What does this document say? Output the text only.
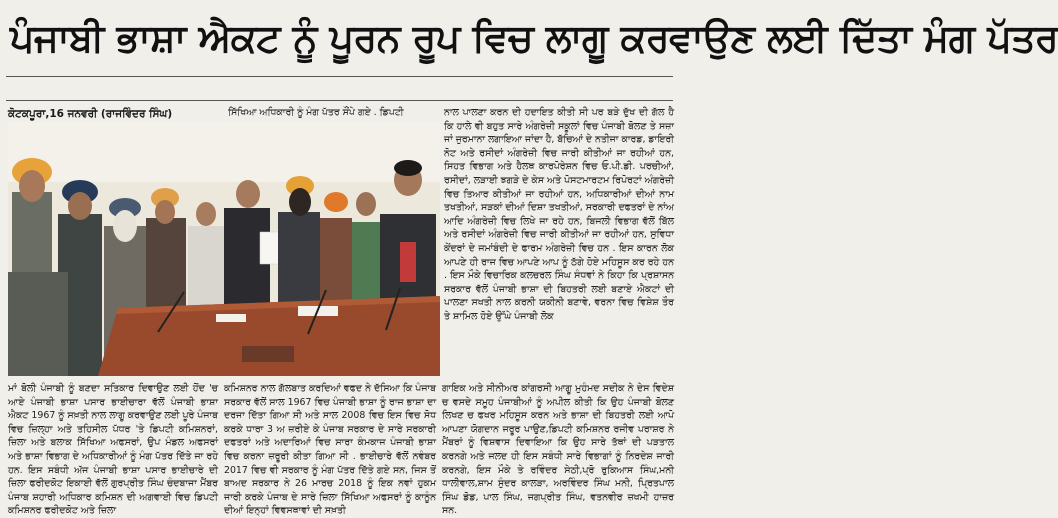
ਪੰਜਾਬੀ ਭਾਸ਼ਾ ਐਕਟ ਨੂੰ ਪੂਰਨ ਰੂਪ ਵਿਚ ਲਾਗੂ ਕਰਵਾਉਣ ਲਈ ਦਿੱਤਾ ਮੰਗ ਪੱਤਰ
ਕੋਟਕਪੂਰਾ,16 ਜਨਵਰੀ (ਰਾਜਵਿੰਦਰ ਸਿੰਘ)	ਸਿੱਖਿਆ ਅਧਿਕਾਰੀ ਨੂੰ ਮੰਗ ਪੱਤਰ ਸੌਂਪੇ ਗਏ . ਡਿਪਟੀ	ਨਾਲ ਪਾਲਣਾ ਕਰਨ ਦੀ ਹਦਾਇਤ ਕੀਤੀ ਸੀ ਪਰ ਬੜੇ ਦੁੱਖ ਦੀ ਗੱਲ ਹੈ ਕਿ ਹਾਲੇ ਵੀ ਬਹੁਤ ਸਾਰੇ ਅੰਗਰੇਜ਼ੀ ਸਕੂਲਾਂ ਵਿਚ ਪੰਜਾਬੀ ਬੋਲਣ ਤੇ ਸਜ਼ਾ ਜਾਂ ਜੁਰਮਾਨਾ ਲਗਾਇਆ ਜਾਂਦਾ ਹੈ, ਬੱਚਿਆਂ ਦੇ ਨਤੀਜਾ ਕਾਰਡ, ਡਾਇਰੀ ਨੋਟ ਅਤੇ ਰਸੀਦਾਂ ਅੰਗਰੇਜ਼ੀ ਵਿਚ ਜਾਰੀ ਕੀਤੀਆਂ ਜਾ ਰਹੀਆਂ ਹਨ, ਸਿਹਤ ਵਿਭਾਗ ਅਤੇ ਹੈਲਥ ਕਾਰਪੋਰੇਸ਼ਨ ਵਿਚ ਓ.ਪੀ.ਡੀ. ਪਰਚੀਆਂ, ਰਸੀਦਾਂ, ਲੜਾਈ ਝਗੜੇ ਦੇ ਕੇਸ ਅਤੇ ਪੋਸਟਮਾਰਟਮ ਰਿਪੋਰਟਾਂ ਅੰਗਰੇਜ਼ੀ ਵਿਚ ਤਿਆਰ ਕੀਤੀਆਂ ਜਾ ਰਹੀਆਂ ਹਨ, ਅਧਿਕਾਰੀਆਂ ਦੀਆਂ ਨਾਮ ਤਖਤੀਆਂ, ਸੜਕਾਂ ਦੀਆਂ ਦਿਸ਼ਾ ਤਖਤੀਆਂ, ਸਰਕਾਰੀ ਦਫਤਰਾਂ ਦੇ ਨਾਂਅ ਆਦਿ ਅੰਗਰੇਜ਼ੀ ਵਿਚ ਲਿਖੇ ਜਾ ਰਹੇ ਹਨ, ਬਿਜਲੀ ਵਿਭਾਗ ਵੱਲੋਂ ਬਿੱਲ ਅਤੇ ਰਸੀਦਾਂ ਅੰਗਰੇਜ਼ੀ ਵਿਚ ਜਾਰੀ ਕੀਤੀਆਂ ਜਾ ਰਹੀਆਂ ਹਨ, ਸੁਵਿਧਾ ਕੇਂਦਰਾਂ ਦੇ ਜਮਾਂਬੰਦੀ ਦੇ ਫਾਰਮ ਅੰਗਰੇਜ਼ੀ ਵਿਚ ਹਨ . ਇਸ ਕਾਰਨ ਲੋਕ ਆਪਣੇ ਹੀ ਰਾਜ ਵਿਚ ਆਪਣੇ ਆਪ ਨੂੰ ਠੱਗੇ ਹੋਏ ਮਹਿਸੂਸ ਕਰ ਰਹੇ ਹਨ . ਇਸ ਮੌਕੇ ਵਿਚਾਰਿਕ ਕਲਚਰਲ ਸਿੰਘ ਸੰਧਵਾਂ ਨੇ ਕਿਹਾ ਕਿ ਪ੍ਰਸ਼ਾਸਨ ਸਰਕਾਰ ਵੱਲੋਂ ਪੰਜਾਬੀ ਭਾਸ਼ਾ ਦੀ ਬਿਹਤਰੀ ਲਈ ਬਣਾਏ ਐਕਟਾਂ ਦੀ ਪਾਲਣਾ ਸਖਤੀ ਨਾਲ ਕਰਨੀ ਯਕੀਨੀ ਬਣਾਵੇ, ਵਰਨਾ ਵਿਚ ਵਿਸ਼ੇਸ਼ ਤੌਰ ਤੇ ਸ਼ਾਮਿਲ ਹੋਏ ਉੱਘੇ ਪੰਜਾਬੀ ਲੋਕ
ਮਾਂ ਬੋਲੀ ਪੰਜਾਬੀ ਨੂੰ ਬਣਦਾ ਸਤਿਕਾਰ ਦਿਵਾਉਣ ਲਈ ਹੋਂਦ 'ਚ ਆਏ ਪੰਜਾਬੀ ਭਾਸ਼ਾ ਪਸਾਰ ਭਾਈਚਾਰਾ ਵੱਲੋਂ ਪੰਜਾਬੀ ਭਾਸ਼ਾ ਐਕਟ 1967 ਨੂੰ ਸਖ਼ਤੀ ਨਾਲ ਲਾਗੂ ਕਰਵਾਉਣ ਲਈ ਪੂਰੇ ਪੰਜਾਬ ਵਿਚ ਜ਼ਿਲ੍ਹਾ ਅਤੇ ਤਹਿਸੀਲ ਪੱਧਰ 'ਤੇ ਡਿਪਟੀ ਕਮਿਸ਼ਨਰਾਂ, ਜ਼ਿਲਾ ਅਤੇ ਬਲਾਕ ਸਿੱਖਿਆ ਅਫਸਰਾਂ, ਉਪ ਮੰਡਲ ਅਫਸਰਾਂ ਅਤੇ ਭਾਸ਼ਾ ਵਿਭਾਗ ਦੇ ਅਧਿਕਾਰੀਆਂ ਨੂੰ ਮੰਗ ਪੱਤਰ ਦਿੱਤੇ ਜਾ ਰਹੇ ਹਨ. ਇਸ ਸਬੰਧੀ ਅੱਜ ਪੰਜਾਬੀ ਭਾਸ਼ਾ ਪਸਾਰ ਭਾਈਚਾਰੇ ਦੀ ਜ਼ਿਲਾ ਫਰੀਦਕੋਟ ਇਕਾਈ ਵੱਲੋਂ ਗੁਰਪ੍ਰੀਤ ਸਿੰਘ ਚੰਦਬਾਜਾ ਮੈਂਬਰ ਪੰਜਾਬ ਸ਼ਹਾਰੀ ਅਧਿਕਾਰ ਕਮਿਸ਼ਨ ਦੀ ਅਗਵਾਈ ਵਿਚ ਡਿਪਟੀ ਕਮਿਸ਼ਨਰ ਫਰੀਦਕੋਟ ਅਤੇ ਜ਼ਿਲਾ
ਕਮਿਸ਼ਨਰ ਨਾਲ ਗੱਲਬਾਤ ਕਰਦਿਆਂ ਵਫਦ ਨੇ ਦੱਸਿਆ ਕਿ ਪੰਜਾਬ ਸਰਕਾਰ ਵੱਲੋਂ ਸਾਲ 1967 ਵਿਚ ਪੰਜਾਬੀ ਭਾਸ਼ਾ ਨੂੰ ਰਾਜ ਭਾਸ਼ਾ ਦਾ ਦਰਜਾ ਦਿੱਤਾ ਗਿਆ ਸੀ ਅਤੇ ਸਾਲ 2008 ਵਿਚ ਇਸ ਵਿਚ ਸੋਧ ਕਰਕੇ ਧਾਰਾ 3 ਅ ਜ਼ਰੀਏ ਕੇ ਪੰਜਾਬ ਸਰਕਾਰ ਦੇ ਸਾਰੇ ਸਰਕਾਰੀ ਦਫਤਰਾਂ ਅਤੇ ਅਦਾਰਿਆਂ ਵਿਚ ਸਾਰਾ ਕੰਮਕਾਜ ਪੰਜਾਬੀ ਭਾਸ਼ਾ ਵਿਚ ਕਰਨਾ ਜ਼ਰੂਰੀ ਕੀਤਾ ਗਿਆ ਸੀ . ਭਾਈਚਾਰੇ ਵੱਲੋਂ ਨਵੰਬਰ 2017 ਵਿਚ ਵੀ ਸਰਕਾਰ ਨੂੰ ਮੰਗ ਪੱਤਰ ਦਿੱਤੇ ਗਏ ਸਨ, ਜਿਸ ਤੋਂ ਬਾਅਦ ਸਰਕਾਰ ਨੇ 26 ਮਾਰਚ 2018 ਨੂੰ ਇਕ ਨਵਾਂ ਹੁਕਮ ਜਾਰੀ ਕਰਕੇ ਪੰਜਾਬ ਦੇ ਸਾਰੇ ਜ਼ਿਲਾ ਸਿੱਖਿਆ ਅਫਸਰਾਂ ਨੂੰ ਕਾਨੂੰਨ ਦੀਆਂ ਇਨ੍ਹਾਂ ਵਿਵਸਥਾਵਾਂ ਦੀ ਸਖ਼ਤੀ
ਗਾਇਕ ਅਤੇ ਸੀਨੀਅਰ ਕਾਂਗਰਸੀ ਆਗੂ ਮੁਹੰਮਦ ਸਦੀਕ ਨੇ ਦੇਸ ਵਿਦੇਸ਼ ਚ ਵਸਦੇ ਸਮੂਹ ਪੰਜਾਬੀਆਂ ਨੂੰ ਅਪੀਲ ਕੀਤੀ ਕਿ ਉਹ ਪੰਜਾਬੀ ਬੋਲਣ ਲਿਖਣ ਚ ਫਖਰ ਮਹਿਸੂਸ ਕਰਨ ਅਤੇ ਭਾਸ਼ਾ ਦੀ ਬਿਹਤਰੀ ਲਈ ਆਪੋ ਆਪਣਾ ਯੋਗਦਾਨ ਜਰੂਰ ਪਾਉਣ,ਡਿਪਟੀ ਕਮਿਸ਼ਨਰ ਰਜੀਵ ਪਰਾਸ਼ਰ ਨੇ ਮੈਂਬਰਾਂ ਨੂੰ ਵਿਸ਼ਵਾਸ ਦਿਵਾਇਆ ਕਿ ਉਹ ਸਾਰੇ ਤੱਥਾਂ ਦੀ ਪੜਤਾਲ ਕਰਨਗੇ ਅਤੇ ਜਲਦ ਹੀ ਇਸ ਸਬੰਧੀ ਸਾਰੇ ਵਿਭਾਗਾਂ ਨੂੰ ਨਿਰਦੇਸ਼ ਜਾਰੀ ਕਰਨਗੇ, ਇਸ ਮੌਕੇ ਤੇ ਰਵਿੰਦਰ ਸੇਠੀ,ਪ੍ਰੋ ਰੁਕਿਆਸ ਸਿੰਘ,ਮਨੀ ਧਾਲੀਵਾਲ,ਸ਼ਾਮ ਸੁੰਦਰ ਕਾਲੜਾ, ਅਰਵਿੰਦਰ ਸਿੰਘ ਮਨੀ, ਪ੍ਰਿਤਪਾਲ ਸਿੰਘ ਡੋਡ, ਪਾਲ ਸਿੰਘ, ਜਗਪ੍ਰੀਤ ਸਿੰਘ, ਵਤਨਵੀਰ ਜ਼ਖਮੀ ਹਾਜ਼ਰ ਸਨ.
